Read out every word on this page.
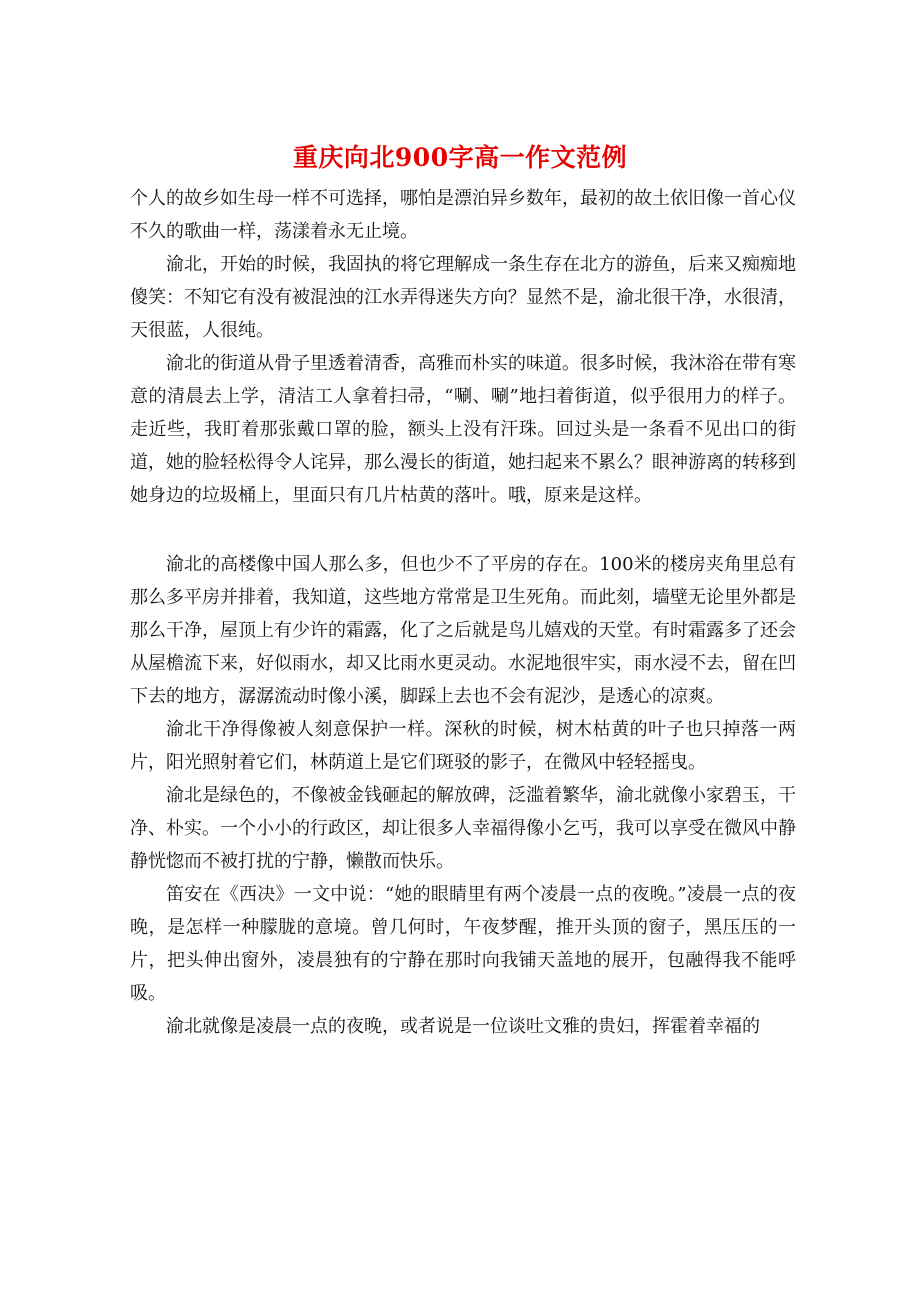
重庆向北900字高一作文范例

个人的故乡如生母一样不可选择，哪怕是漂泊异乡数年，最初的故土依旧像一首心仪不久的歌曲一样，荡漾着永无止境。

渝北，开始的时候，我固执的将它理解成一条生存在北方的游鱼，后来又痴痴地傻笑：不知它有没有被混浊的江水弄得迷失方向？显然不是，渝北很干净，水很清，天很蓝，人很纯。

渝北的街道从骨子里透着清香，高雅而朴实的味道。很多时候，我沐浴在带有寒意的清晨去上学，清洁工人拿着扫帚，“唰、唰”地扫着街道，似乎很用力的样子。走近些，我盯着那张戴口罩的脸，额头上没有汗珠。回过头是一条看不见出口的街道，她的脸轻松得令人诧异，那么漫长的街道，她扫起来不累么？眼神游离的转移到她身边的垃圾桶上，里面只有几片枯黄的落叶。哦，原来是这样。

渝北的高楼像中国人那么多，但也少不了平房的存在。100米的楼房夹角里总有那么多平房并排着，我知道，这些地方常常是卫生死角。而此刻，墙壁无论里外都是那么干净，屋顶上有少许的霜露，化了之后就是鸟儿嬉戏的天堂。有时霜露多了还会从屋檐流下来，好似雨水，却又比雨水更灵动。水泥地很牢实，雨水浸不去，留在凹下去的地方，潺潺流动时像小溪，脚踩上去也不会有泥沙，是透心的凉爽。

渝北干净得像被人刻意保护一样。深秋的时候，树木枯黄的叶子也只掉落一两片，阳光照射着它们，林荫道上是它们斑驳的影子，在微风中轻轻摇曳。

渝北是绿色的，不像被金钱砸起的解放碑，泛滥着繁华，渝北就像小家碧玉，干净、朴实。一个小小的行政区，却让很多人幸福得像小乞丐，我可以享受在微风中静静恍惚而不被打扰的宁静，懒散而快乐。

笛安在《西决》一文中说：“她的眼睛里有两个凌晨一点的夜晚。”凌晨一点的夜晚，是怎样一种朦胧的意境。曾几何时，午夜梦醒，推开头顶的窗子，黑压压的一片，把头伸出窗外，凌晨独有的宁静在那时向我铺天盖地的展开，包融得我不能呼吸。

渝北就像是凌晨一点的夜晚，或者说是一位谈吐文雅的贵妇，挥霍着幸福的
